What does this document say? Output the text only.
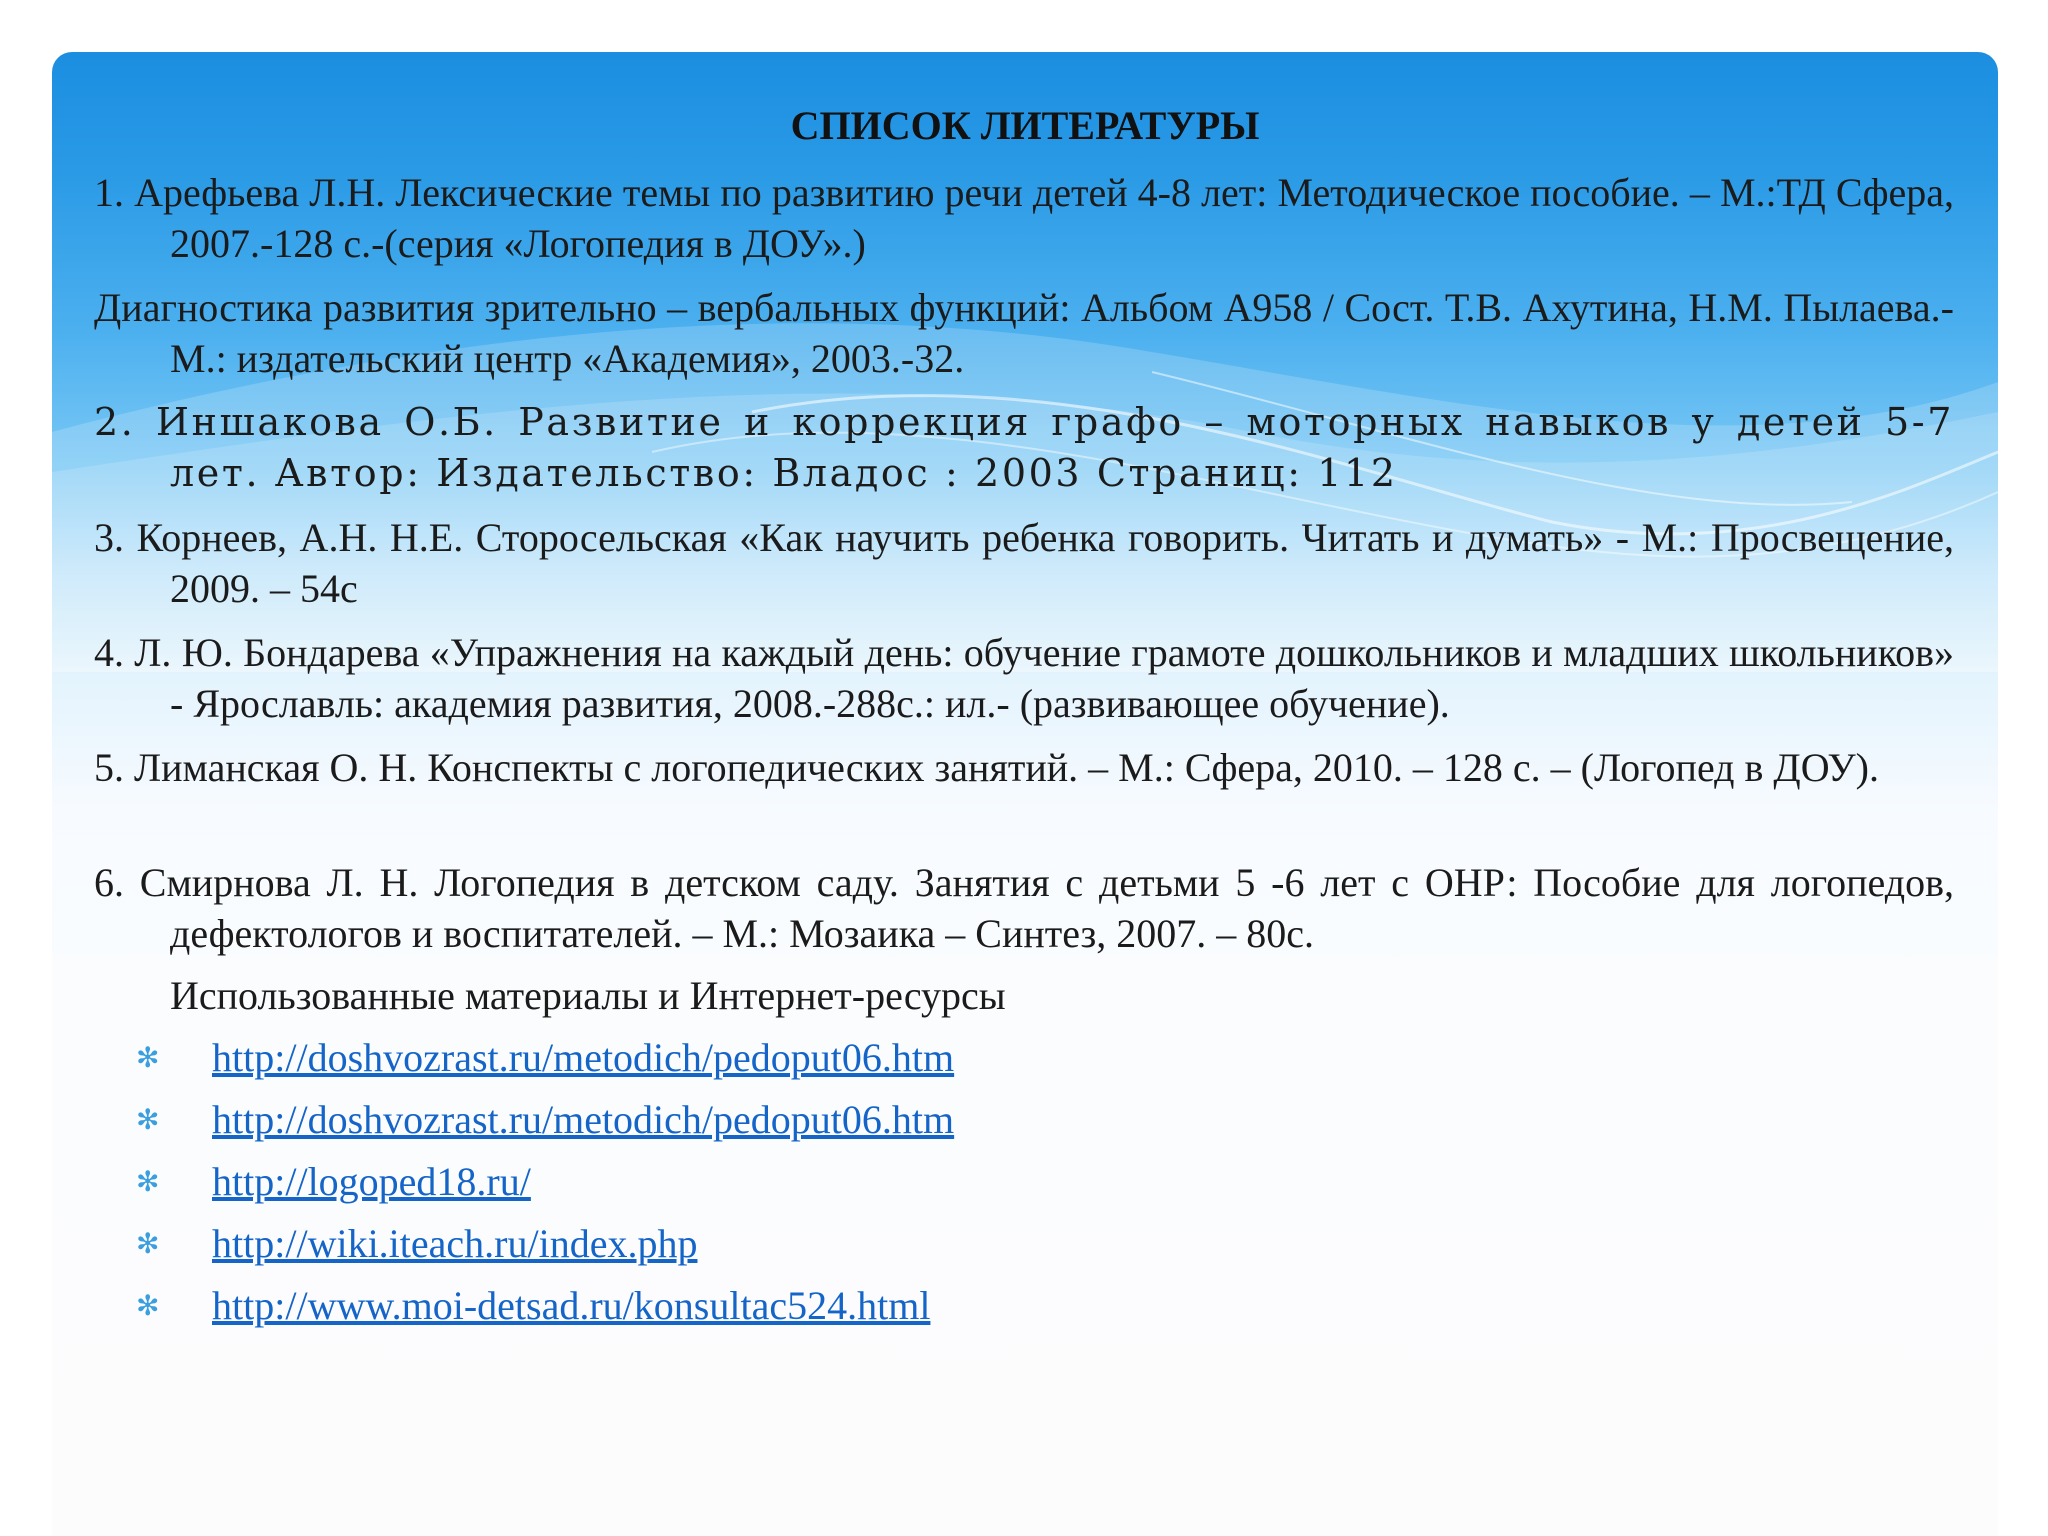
СПИСОК ЛИТЕРАТУРЫ
1. Арефьева Л.Н. Лексические темы по развитию речи детей 4-8 лет: Методическое пособие. – М.:ТД Сфера, 2007.-128 с.-(серия «Логопедия в ДОУ».)
Диагностика развития зрительно – вербальных функций: Альбом А958 / Сост. Т.В. Ахутина, Н.М. Пылаева.-М.: издательский центр «Академия», 2003.-32.
2. Иншакова О.Б. Развитие и коррекция графо – моторных навыков у детей 5-7 лет. Автор: Издательство: Владос : 2003 Страниц: 112
3. Корнеев, А.Н. Н.Е. Сторосельская «Как научить ребенка говорить. Читать и думать» - М.: Просвещение, 2009. – 54с
4. Л. Ю. Бондарева «Упражнения на каждый день: обучение грамоте дошкольников и младших школьников» - Ярославль: академия развития, 2008.-288с.: ил.- (развивающее обучение).
5. Лиманская О. Н. Конспекты с логопедических занятий. – М.: Сфера, 2010. – 128 с. – (Логопед в ДОУ).
6. Смирнова Л. Н. Логопедия в детском саду. Занятия с детьми 5 -6 лет с ОНР: Пособие для логопедов, дефектологов и воспитателей. – М.: Мозаика – Синтез, 2007. – 80с.
Использованные материалы и Интернет-ресурсы
✻ http://doshvozrast.ru/metodich/pedoput06.htm
✻ http://doshvozrast.ru/metodich/pedoput06.htm
✻ http://logoped18.ru/
✻ http://wiki.iteach.ru/index.php
✻ http://www.moi-detsad.ru/konsultac524.html
